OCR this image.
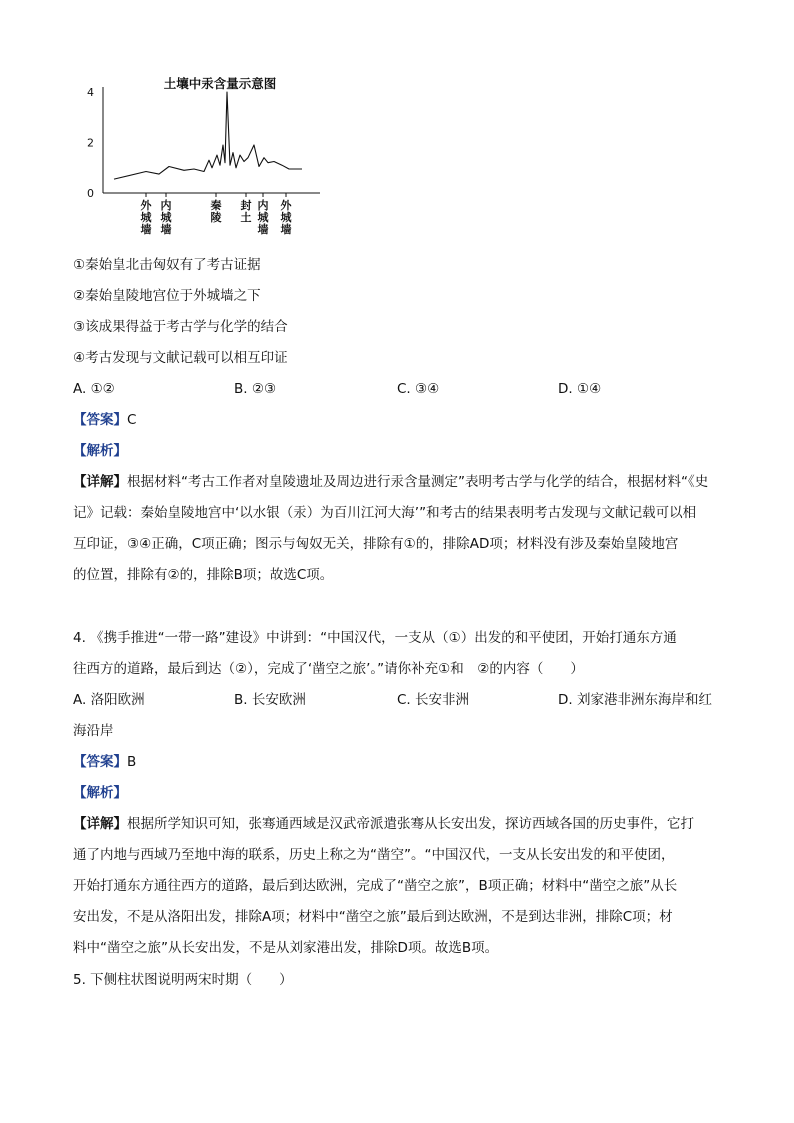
土壤中汞含量示意图
4
2
0
外城墙
内城墙
秦陵
封土
内城墙
外城墙
①秦始皇北击匈奴有了考古证据
②秦始皇陵地宫位于外城墙之下
③该成果得益于考古学与化学的结合
④考古发现与文献记载可以相互印证
A. ①②	B. ②③	C. ③④	D. ①④
【答案】C
【解析】
【详解】根据材料“考古工作者对皇陵遗址及周边进行汞含量测定”表明考古学与化学的结合，根据材料“《史
记》记载：秦始皇陵地宫中‘以水银（汞）为百川江河大海’”和考古的结果表明考古发现与文献记载可以相
互印证，③④正确，C项正确；图示与匈奴无关，排除有①的，排除AD项；材料没有涉及秦始皇陵地宫
的位置，排除有②的，排除B项；故选C项。
4. 《携手推进“一带一路”建设》中讲到：“中国汉代，一支从（①）出发的和平使团，开始打通东方通
往西方的道路，最后到达（②），完成了‘凿空之旅’。”请你补充①和　②的内容（　　）
A. 洛阳欧洲	B. 长安欧洲	C. 长安非洲	D. 刘家港非洲东海岸和红
海沿岸
【答案】B
【解析】
【详解】根据所学知识可知，张骞通西域是汉武帝派遣张骞从长安出发，探访西域各国的历史事件，它打
通了内地与西域乃至地中海的联系，历史上称之为“凿空”。“中国汉代，一支从长安出发的和平使团，
开始打通东方通往西方的道路，最后到达欧洲，完成了“凿空之旅”，B项正确；材料中“凿空之旅”从长
安出发，不是从洛阳出发，排除A项；材料中“凿空之旅”最后到达欧洲，不是到达非洲，排除C项；材
料中“凿空之旅”从长安出发，不是从刘家港出发，排除D项。故选B项。
5. 下侧柱状图说明两宋时期（　　）
